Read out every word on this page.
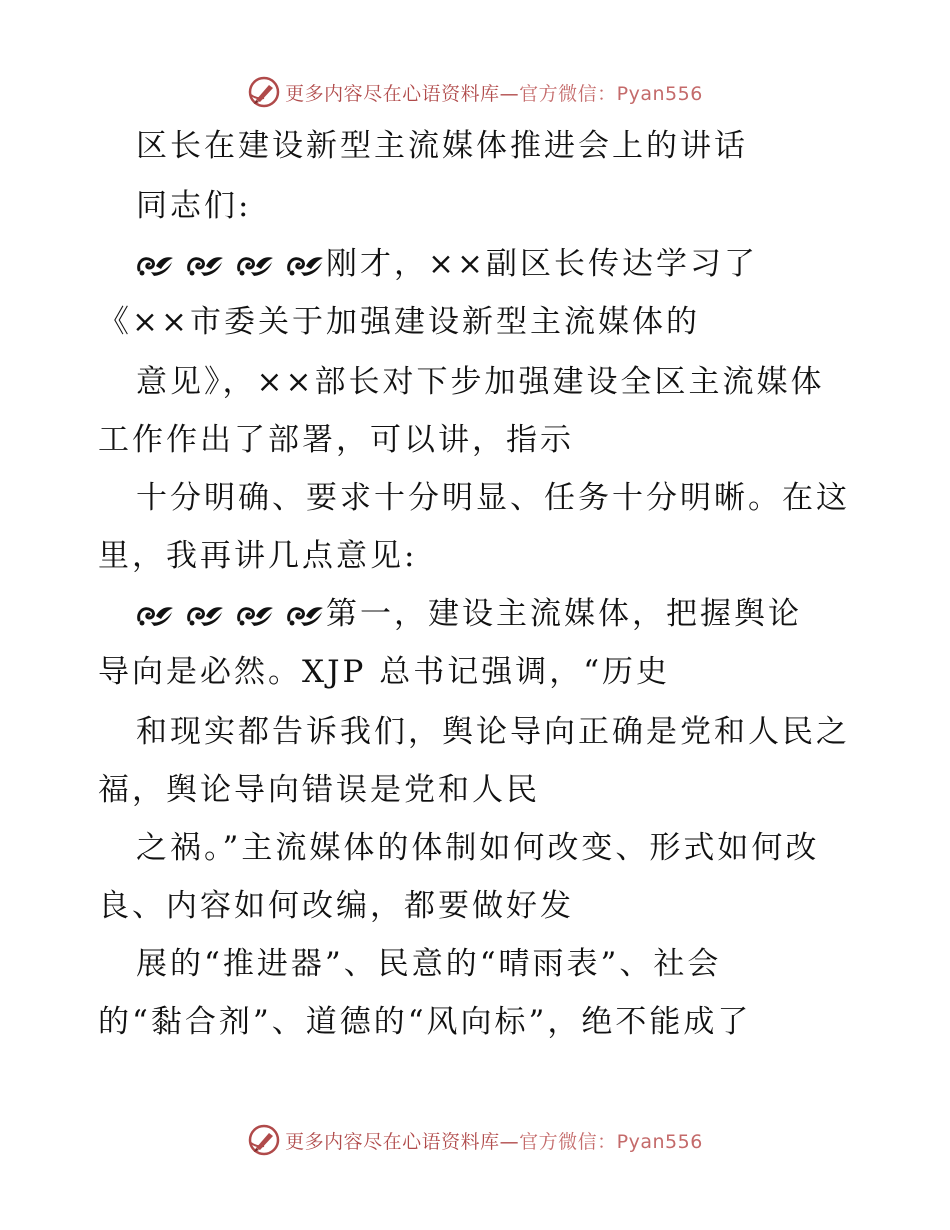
更多内容尽在心语资料库—官方微信：Pyan556
区长在建设新型主流媒体推进会上的讲话
同志们:
刚才，××副区长传达学习了
《××市委关于加强建设新型主流媒体的
意见》，××部长对下步加强建设全区主流媒体
工作作出了部署，可以讲，指示
十分明确、要求十分明显、任务十分明晰。在这
里，我再讲几点意见:
第一，建设主流媒体，把握舆论
导向是必然。XJP 总书记强调，“历史
和现实都告诉我们，舆论导向正确是党和人民之
福，舆论导向错误是党和人民
之祸。”主流媒体的体制如何改变、形式如何改
良、内容如何改编，都要做好发
展的“推进器”、民意的“晴雨表”、社会
的“黏合剂”、道德的“风向标”，绝不能成了
更多内容尽在心语资料库—官方微信：Pyan556
